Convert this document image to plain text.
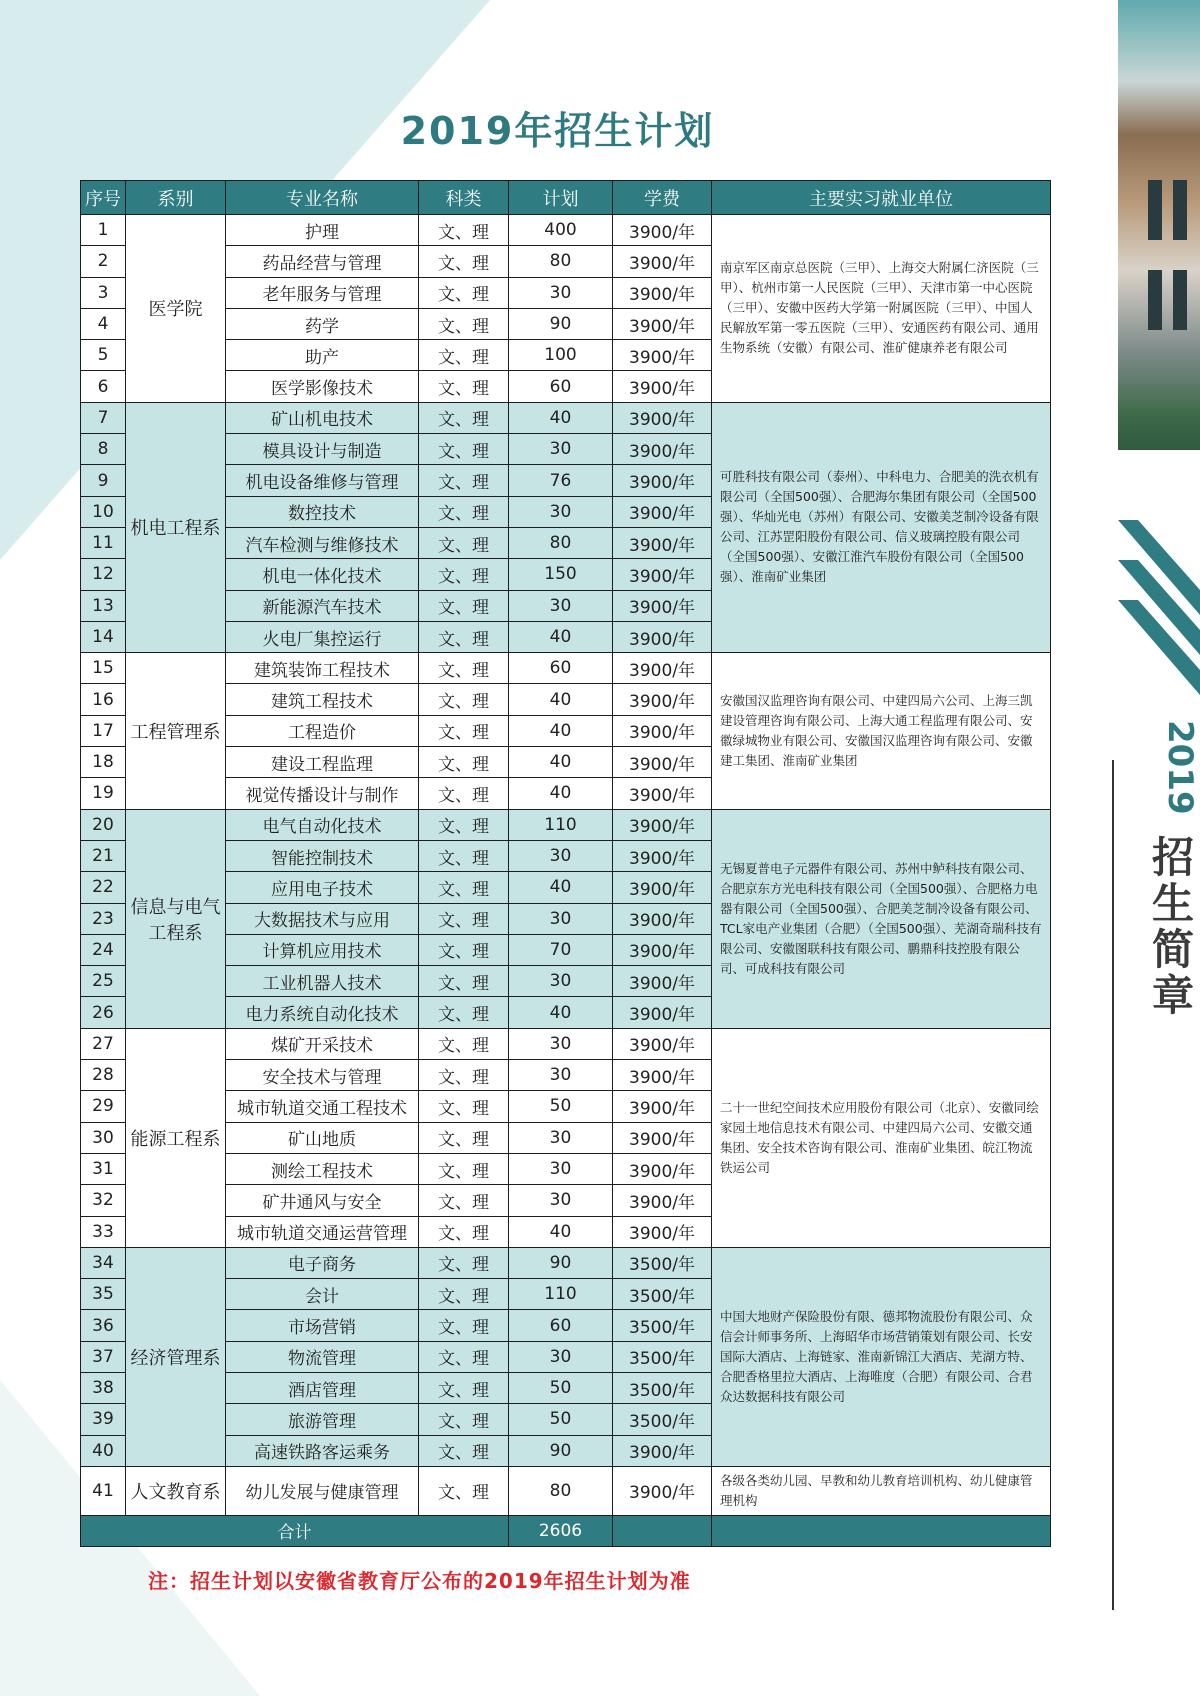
2019年招生计划
2019
招生简章
序号	系别	专业名称	科类	计划	学费	主要实习就业单位
1	医学院	护理	文、理	400	3900/年	南京军区南京总医院（三甲）、上海交大附属仁济医院（三甲）、杭州市第一人民医院（三甲）、天津市第一中心医院（三甲）、安徽中医药大学第一附属医院（三甲）、中国人民解放军第一零五医院（三甲）、安通医药有限公司、通用生物系统（安徽）有限公司、淮矿健康养老有限公司
2		药品经营与管理	文、理	80	3900/年	
3		老年服务与管理	文、理	30	3900/年	
4		药学	文、理	90	3900/年	
5		助产	文、理	100	3900/年	
6		医学影像技术	文、理	60	3900/年	
7	机电工程系	矿山机电技术	文、理	40	3900/年	可胜科技有限公司（泰州）、中科电力、合肥美的洗衣机有限公司（全国500强）、合肥海尔集团有限公司（全国500强）、华灿光电（苏州）有限公司、安徽美芝制冷设备有限公司、江苏罡阳股份有限公司、信义玻璃控股有限公司（全国500强）、安徽江淮汽车股份有限公司（全国500强）、淮南矿业集团
8		模具设计与制造	文、理	30	3900/年	
9		机电设备维修与管理	文、理	76	3900/年	
10		数控技术	文、理	30	3900/年	
11		汽车检测与维修技术	文、理	80	3900/年	
12		机电一体化技术	文、理	150	3900/年	
13		新能源汽车技术	文、理	30	3900/年	
14		火电厂集控运行	文、理	40	3900/年	
15	工程管理系	建筑装饰工程技术	文、理	60	3900/年	安徽国汉监理咨询有限公司、中建四局六公司、上海三凯建设管理咨询有限公司、上海大通工程监理有限公司、安徽绿城物业有限公司、安徽国汉监理咨询有限公司、安徽建工集团、淮南矿业集团
16		建筑工程技术	文、理	40	3900/年	
17		工程造价	文、理	40	3900/年	
18		建设工程监理	文、理	40	3900/年	
19		视觉传播设计与制作	文、理	40	3900/年	
20	信息与电气工程系	电气自动化技术	文、理	110	3900/年	无锡夏普电子元器件有限公司、苏州中鲈科技有限公司、合肥京东方光电科技有限公司（全国500强）、合肥格力电器有限公司（全国500强）、合肥美芝制冷设备有限公司、TCL家电产业集团（合肥）（全国500强）、芜湖奇瑞科技有限公司、安徽图联科技有限公司、鹏鼎科技控股有限公司、可成科技有限公司
21		智能控制技术	文、理	30	3900/年	
22		应用电子技术	文、理	40	3900/年	
23		大数据技术与应用	文、理	30	3900/年	
24		计算机应用技术	文、理	70	3900/年	
25		工业机器人技术	文、理	30	3900/年	
26		电力系统自动化技术	文、理	40	3900/年	
27	能源工程系	煤矿开采技术	文、理	30	3900/年	二十一世纪空间技术应用股份有限公司（北京）、安徽同绘家园土地信息技术有限公司、中建四局六公司、安徽交通集团、安全技术咨询有限公司、淮南矿业集团、皖江物流铁运公司
28		安全技术与管理	文、理	30	3900/年	
29		城市轨道交通工程技术	文、理	50	3900/年	
30		矿山地质	文、理	30	3900/年	
31		测绘工程技术	文、理	30	3900/年	
32		矿井通风与安全	文、理	30	3900/年	
33		城市轨道交通运营管理	文、理	40	3900/年	
34	经济管理系	电子商务	文、理	90	3500/年	中国大地财产保险股份有限、德邦物流股份有限公司、众信会计师事务所、上海昭华市场营销策划有限公司、长安国际大酒店、上海链家、淮南新锦江大酒店、芜湖方特、合肥香格里拉大酒店、上海唯度（合肥）有限公司、合君众达数据科技有限公司
35		会计	文、理	110	3500/年	
36		市场营销	文、理	60	3500/年	
37		物流管理	文、理	30	3500/年	
38		酒店管理	文、理	50	3500/年	
39		旅游管理	文、理	50	3500/年	
40		高速铁路客运乘务	文、理	90	3900/年	
41	人文教育系	幼儿发展与健康管理	文、理	80	3900/年	各级各类幼儿园、早教和幼儿教育培训机构、幼儿健康管理机构
合计				2606		
注：招生计划以安徽省教育厅公布的2019年招生计划为准
